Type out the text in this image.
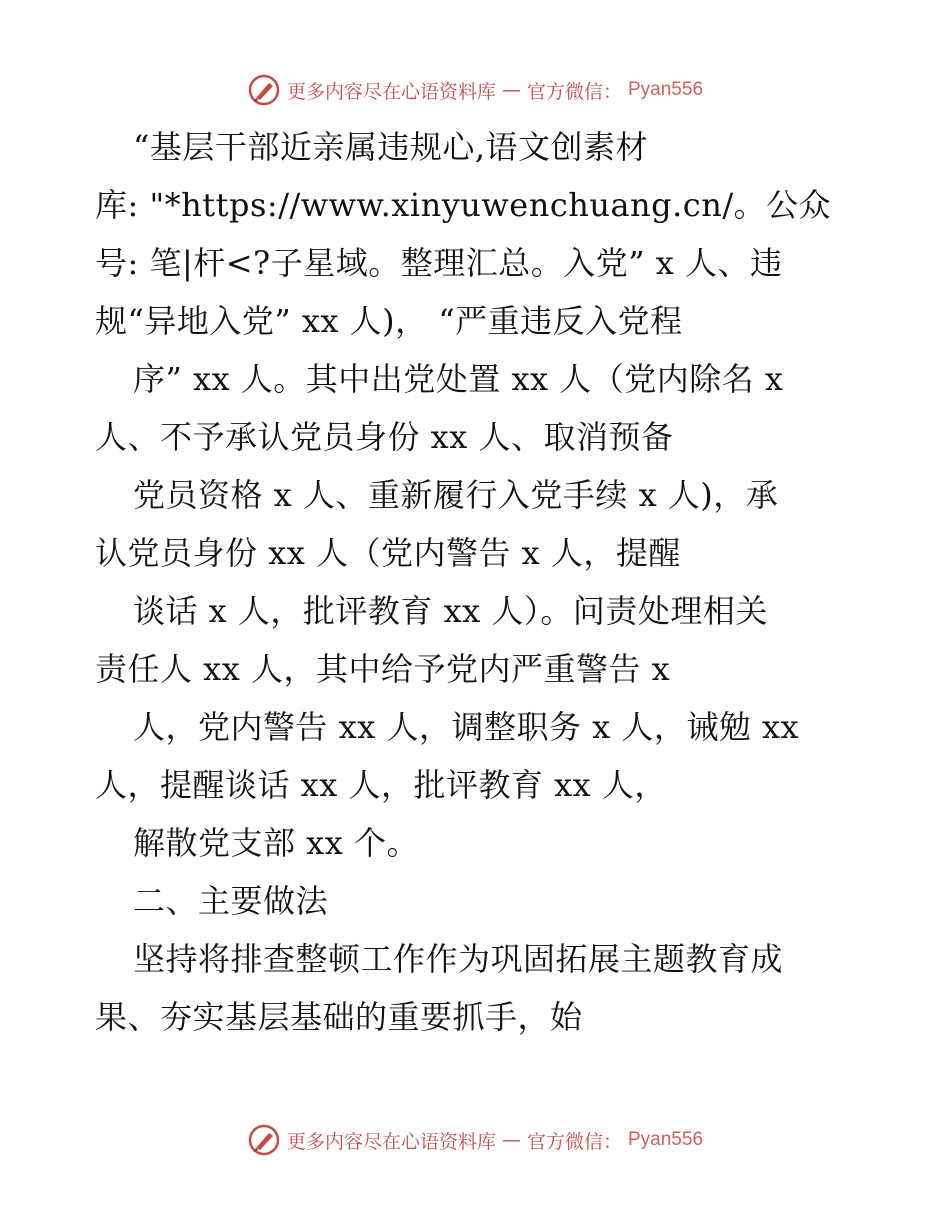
更多内容尽在心语资料库 — 官方微信： Pyan556
“基层干部近亲属违规心,语文创素材
库: "*https://www.xinyuwenchuang.cn/。公众
号: 笔|杆<?子星域。整理汇总。入党” x 人、违
规“异地入党” xx 人)， “严重违反入党程
序” xx 人。其中出党处置 xx 人（党内除名 x
人、不予承认党员身份 xx 人、取消预备
党员资格 x 人、重新履行入党手续 x 人)，承
认党员身份 xx 人（党内警告 x 人，提醒
谈话 x 人，批评教育 xx 人）。问责处理相关
责任人 xx 人，其中给予党内严重警告 x
人，党内警告 xx 人，调整职务 x 人，诫勉 xx
人，提醒谈话 xx 人，批评教育 xx 人，
解散党支部 xx 个。
二、主要做法
坚持将排查整顿工作作为巩固拓展主题教育成
果、夯实基层基础的重要抓手，始
更多内容尽在心语资料库 — 官方微信： Pyan556
